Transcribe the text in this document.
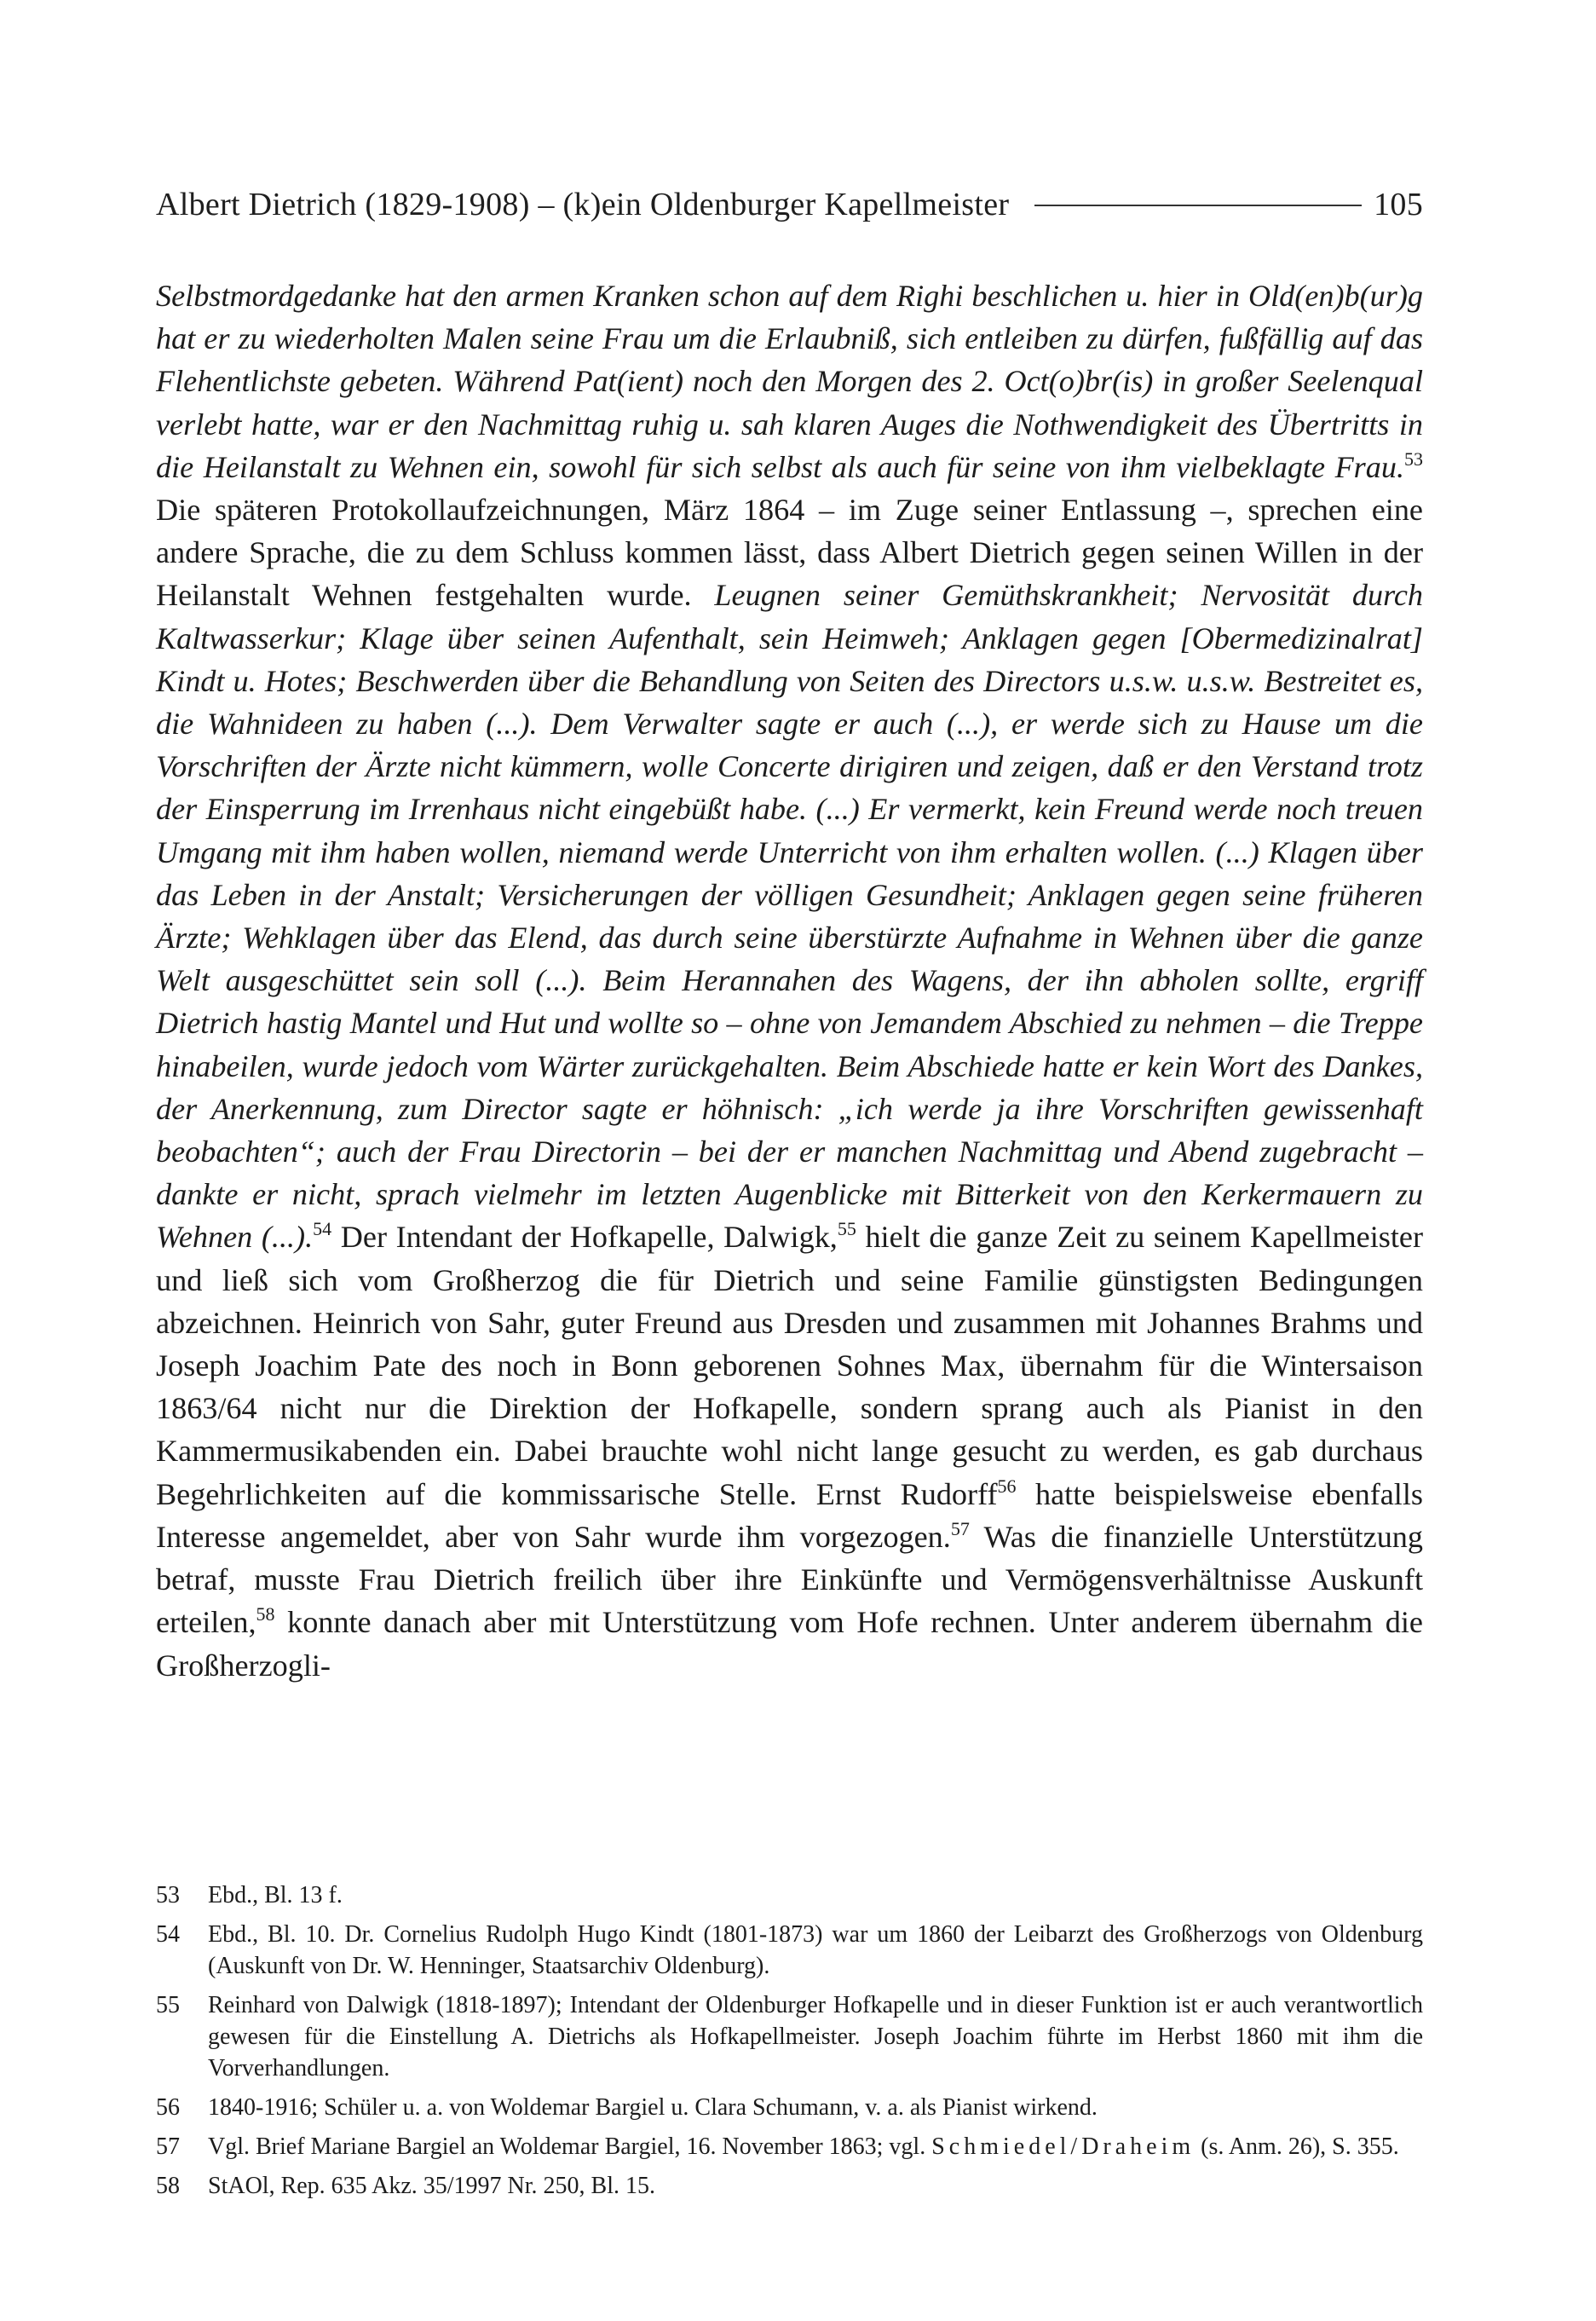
Albert Dietrich (1829-1908) – (k)ein Oldenburger Kapellmeister	105

Selbstmordgedanke hat den armen Kranken schon auf dem Righi beschlichen u. hier in Old(en)b(ur)g hat er zu wiederholten Malen seine Frau um die Erlaubniß, sich entleiben zu dürfen, fußfällig auf das Flehentlichste gebeten. Während Pat(ient) noch den Morgen des 2. Oct(o)br(is) in großer Seelenqual verlebt hatte, war er den Nachmittag ruhig u. sah klaren Auges die Nothwendigkeit des Übertritts in die Heilanstalt zu Wehnen ein, sowohl für sich selbst als auch für seine von ihm vielbeklagte Frau.$^{53}$ Die späteren Protokollaufzeichnungen, März 1864 – im Zuge seiner Entlassung –, sprechen eine andere Sprache, die zu dem Schluss kommen lässt, dass Albert Dietrich gegen seinen Willen in der Heilanstalt Wehnen festgehalten wurde. Leugnen seiner Gemüthskrankheit; Nervosität durch Kaltwasserkur; Klage über seinen Aufenthalt, sein Heimweh; Anklagen gegen [Obermedizinalrat] Kindt u. Hotes; Beschwerden über die Behandlung von Seiten des Directors u.s.w. u.s.w. Bestreitet es, die Wahnideen zu haben (...). Dem Verwalter sagte er auch (...), er werde sich zu Hause um die Vorschriften der Ärzte nicht kümmern, wolle Concerte dirigiren und zeigen, daß er den Verstand trotz der Einsperrung im Irrenhaus nicht eingebüßt habe. (...) Er vermerkt, kein Freund werde noch treuen Umgang mit ihm haben wollen, niemand werde Unterricht von ihm erhalten wollen. (...) Klagen über das Leben in der Anstalt; Versicherungen der völligen Gesundheit; Anklagen gegen seine früheren Ärzte; Wehklagen über das Elend, das durch seine überstürzte Aufnahme in Wehnen über die ganze Welt ausgeschüttet sein soll (...). Beim Herannahen des Wagens, der ihn abholen sollte, ergriff Dietrich hastig Mantel und Hut und wollte so – ohne von Jemandem Abschied zu nehmen – die Treppe hinabeilen, wurde jedoch vom Wärter zurückgehalten. Beim Abschiede hatte er kein Wort des Dankes, der Anerkennung, zum Director sagte er höhnisch: „ich werde ja ihre Vorschriften gewissenhaft beobachten“; auch der Frau Directorin – bei der er manchen Nachmittag und Abend zugebracht – dankte er nicht, sprach vielmehr im letzten Augenblicke mit Bitterkeit von den Kerkermauern zu Wehnen (...).$^{54}$ Der Intendant der Hofkapelle, Dalwigk,$^{55}$ hielt die ganze Zeit zu seinem Kapellmeister und ließ sich vom Großherzog die für Dietrich und seine Familie günstigsten Bedingungen abzeichnen. Heinrich von Sahr, guter Freund aus Dresden und zusammen mit Johannes Brahms und Joseph Joachim Pate des noch in Bonn geborenen Sohnes Max, übernahm für die Wintersaison 1863/64 nicht nur die Direktion der Hofkapelle, sondern sprang auch als Pianist in den Kammermusikabenden ein. Dabei brauchte wohl nicht lange gesucht zu werden, es gab durchaus Begehrlichkeiten auf die kommissarische Stelle. Ernst Rudorff$^{56}$ hatte beispielsweise ebenfalls Interesse angemeldet, aber von Sahr wurde ihm vorgezogen.$^{57}$ Was die finanzielle Unterstützung betraf, musste Frau Dietrich freilich über ihre Einkünfte und Vermögensverhältnisse Auskunft erteilen,$^{58}$ konnte danach aber mit Unterstützung vom Hofe rechnen. Unter anderem übernahm die Großherzogli-

53	Ebd., Bl. 13 f.
54	Ebd., Bl. 10. Dr. Cornelius Rudolph Hugo Kindt (1801-1873) war um 1860 der Leibarzt des Großherzogs von Oldenburg (Auskunft von Dr. W. Henninger, Staatsarchiv Oldenburg).
55	Reinhard von Dalwigk (1818-1897); Intendant der Oldenburger Hofkapelle und in dieser Funktion ist er auch verantwortlich gewesen für die Einstellung A. Dietrichs als Hofkapellmeister. Joseph Joachim führte im Herbst 1860 mit ihm die Vorverhandlungen.
56	1840-1916; Schüler u. a. von Woldemar Bargiel u. Clara Schumann, v. a. als Pianist wirkend.
57	Vgl. Brief Mariane Bargiel an Woldemar Bargiel, 16. November 1863; vgl. Schmiedel/Draheim (s. Anm. 26), S. 355.
58	StAOl, Rep. 635 Akz. 35/1997 Nr. 250, Bl. 15.
